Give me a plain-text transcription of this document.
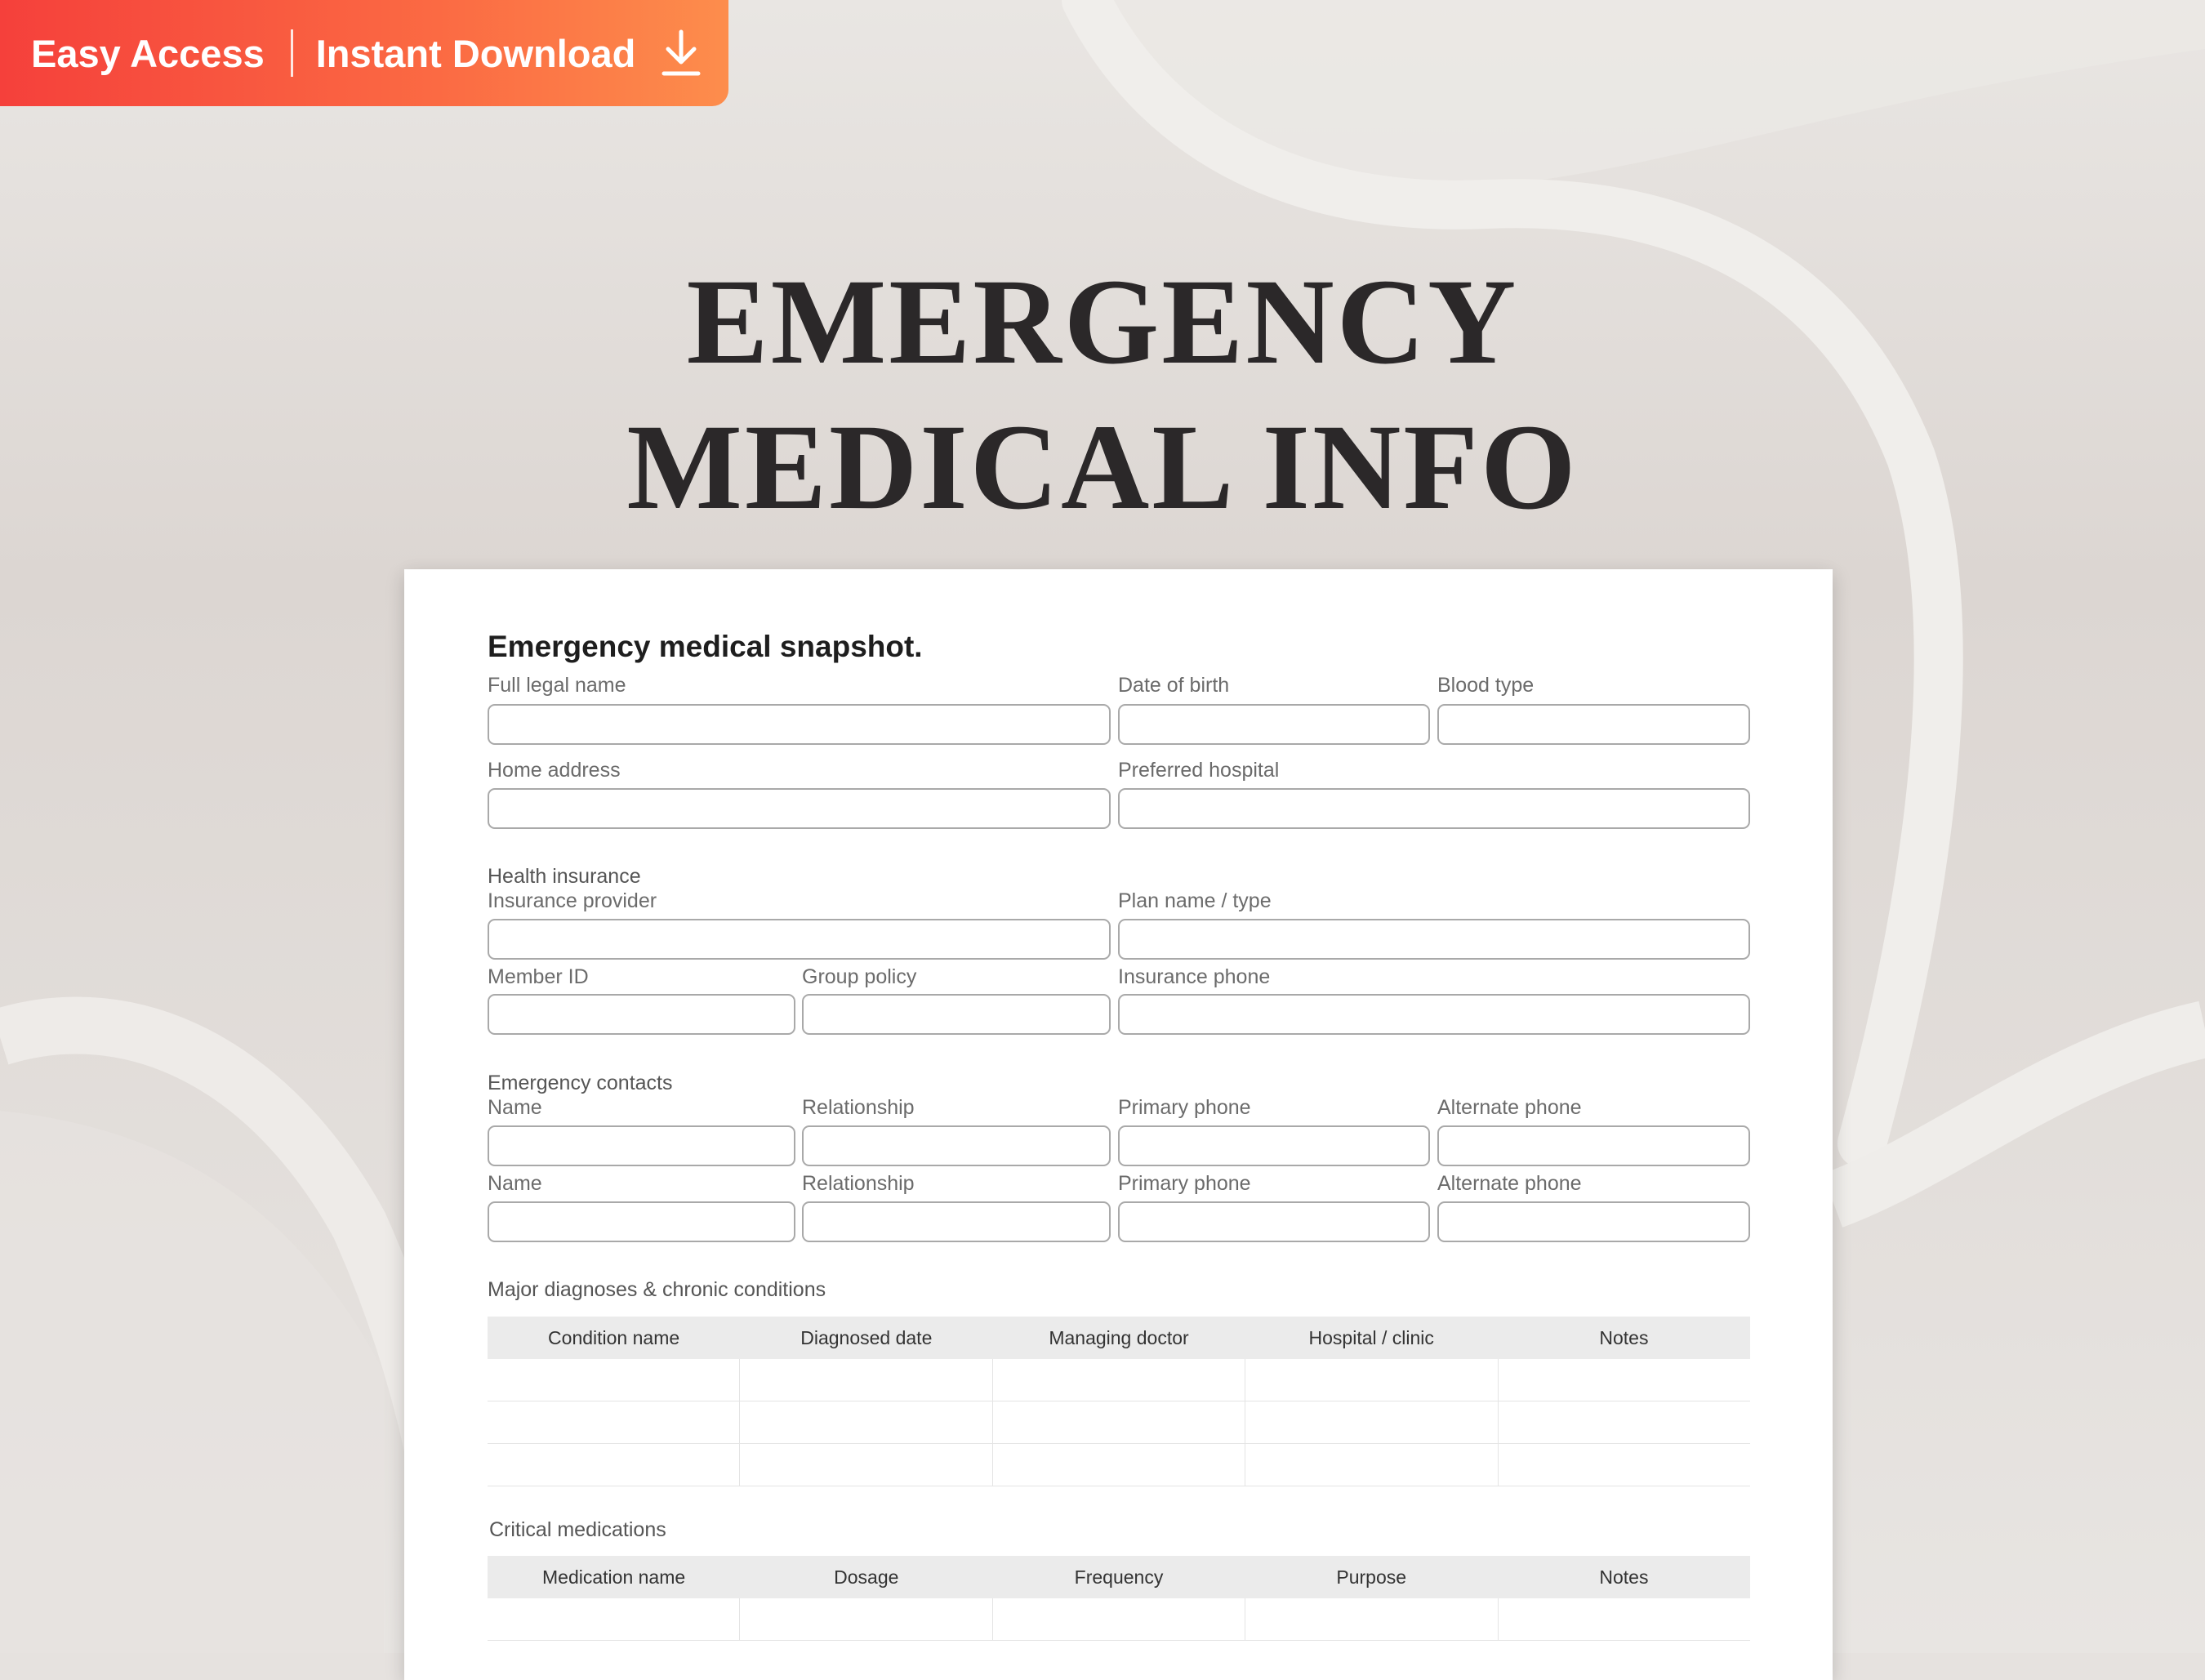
Easy Access Instant Download
EMERGENCY
MEDICAL INFO
Emergency medical snapshot.
Full legal name	Date of birth	Blood type
Home address	Preferred hospital
Health insurance
Insurance provider	Plan name / type
Member ID	Group policy	Insurance phone
Emergency contacts
Name	Relationship	Primary phone	Alternate phone
Name	Relationship	Primary phone	Alternate phone
Major diagnoses & chronic conditions
Condition name	Diagnosed date	Managing doctor	Hospital / clinic	Notes
Critical medications
Medication name	Dosage	Frequency	Purpose	Notes
